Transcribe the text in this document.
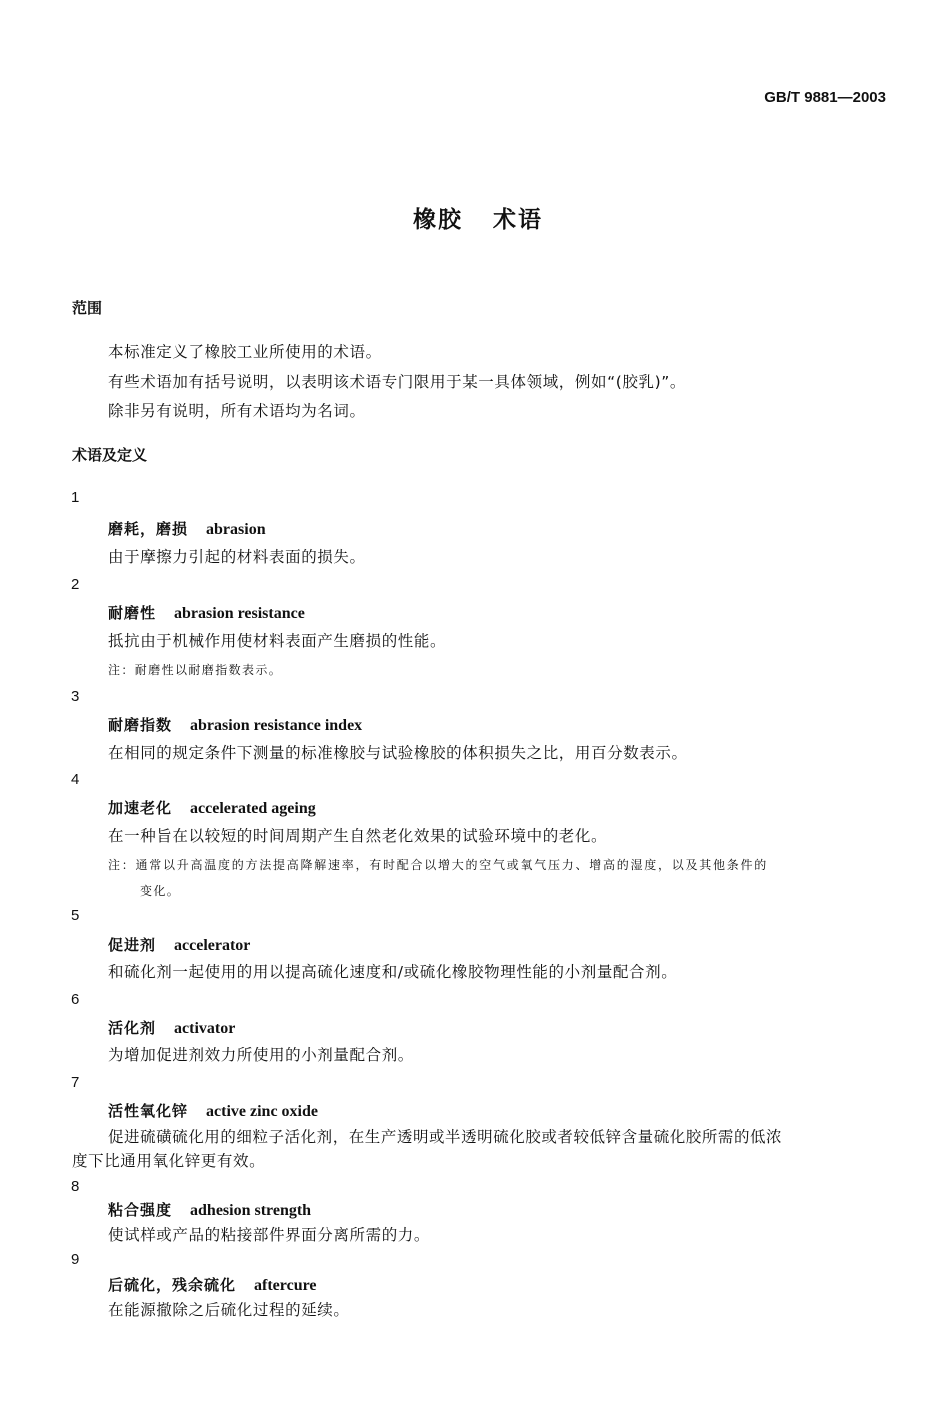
GB/T 9881—2003
橡胶 术语
范围
本标准定义了橡胶工业所使用的术语。
有些术语加有括号说明，以表明该术语专门限用于某一具体领域，例如“(胶乳)”。
除非另有说明，所有术语均为名词。
术语及定义
1
磨耗，磨损 abrasion
由于摩擦力引起的材料表面的损失。
2
耐磨性 abrasion resistance
抵抗由于机械作用使材料表面产生磨损的性能。
注：耐磨性以耐磨指数表示。
3
耐磨指数 abrasion resistance index
在相同的规定条件下测量的标准橡胶与试验橡胶的体积损失之比，用百分数表示。
4
加速老化 accelerated ageing
在一种旨在以较短的时间周期产生自然老化效果的试验环境中的老化。
注：通常以升高温度的方法提高降解速率，有时配合以增大的空气或氧气压力、增高的湿度，以及其他条件的
变化。
5
促进剂 accelerator
和硫化剂一起使用的用以提高硫化速度和/或硫化橡胶物理性能的小剂量配合剂。
6
活化剂 activator
为增加促进剂效力所使用的小剂量配合剂。
7
活性氧化锌 active zinc oxide
促进硫磺硫化用的细粒子活化剂，在生产透明或半透明硫化胶或者较低锌含量硫化胶所需的低浓
度下比通用氧化锌更有效。
8
粘合强度 adhesion strength
使试样或产品的粘接部件界面分离所需的力。
9
后硫化，残余硫化 aftercure
在能源撤除之后硫化过程的延续。
